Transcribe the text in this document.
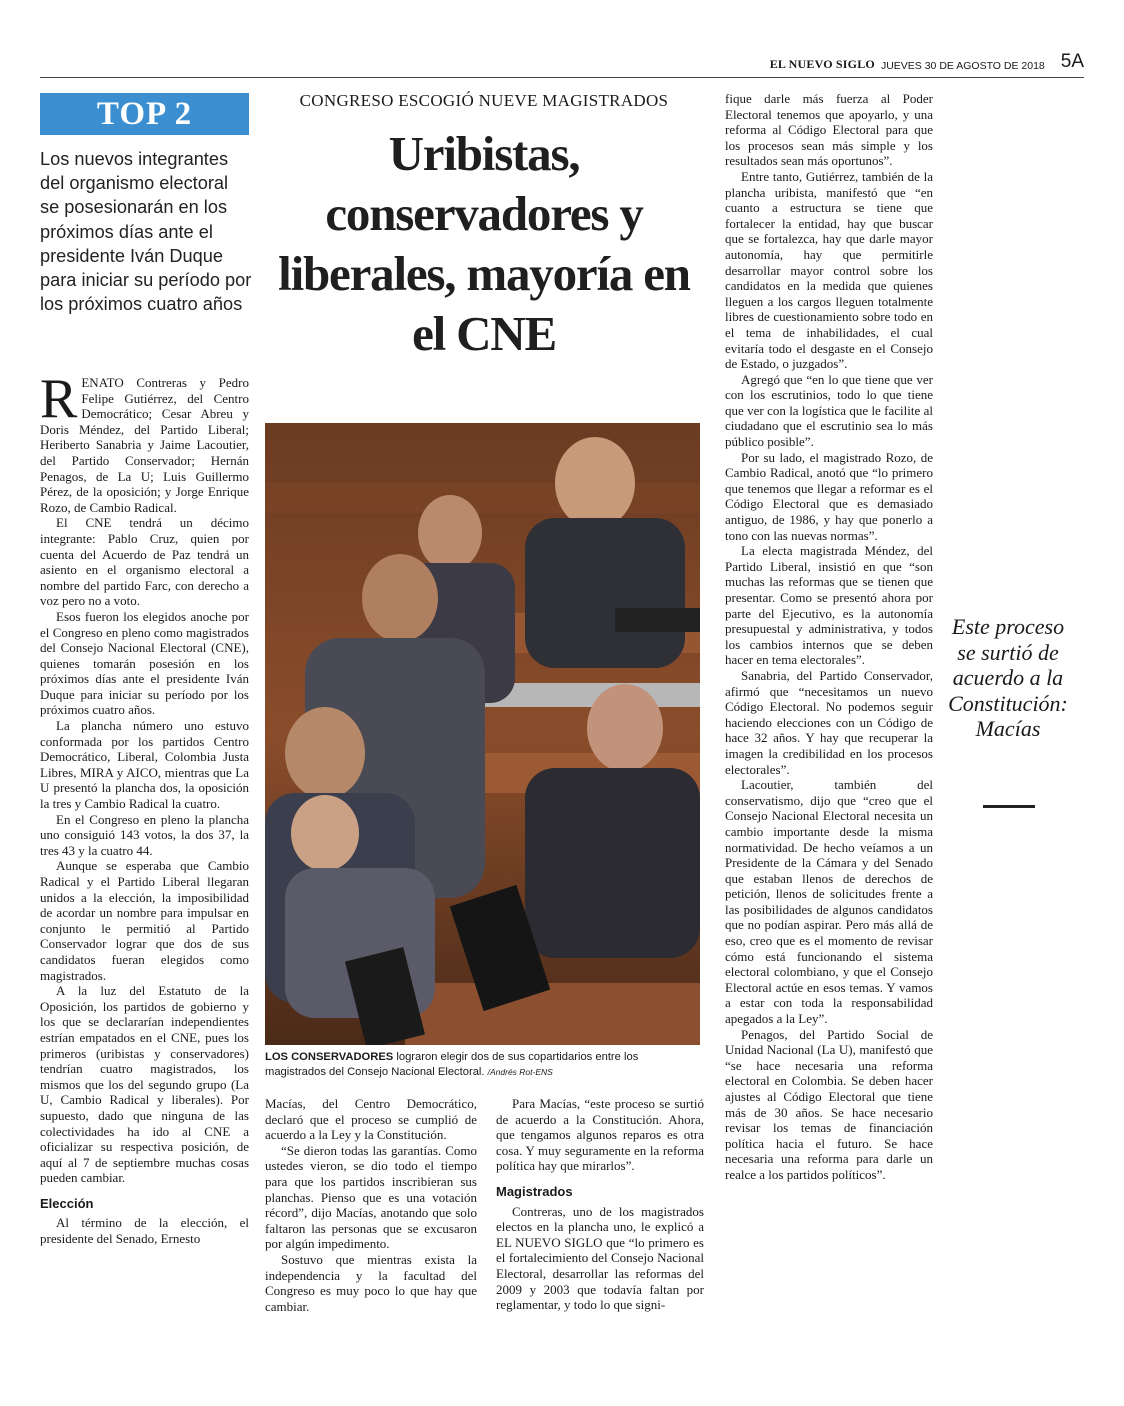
EL NUEVO SIGLO JUEVES 30 DE AGOSTO DE 2018 5A
TOP 2
Los nuevos integrantes del organismo electoral se posesionarán en los próximos días ante el presidente Iván Duque para iniciar su período por los próximos cuatro años

RENATO Contreras y Pedro Felipe Gutiérrez, del Centro Democrático; Cesar Abreu y Doris Méndez, del Partido Liberal; Heriberto Sanabria y Jaime Lacoutier, del Partido Conservador; Hernán Penagos, de La U; Luis Guillermo Pérez, de la oposición; y Jorge Enrique Rozo, de Cambio Radical.

El CNE tendrá un décimo integrante: Pablo Cruz, quien por cuenta del Acuerdo de Paz tendrá un asiento en el organismo electoral a nombre del partido Farc, con derecho a voz pero no a voto.

Esos fueron los elegidos anoche por el Congreso en pleno como magistrados del Consejo Nacional Electoral (CNE), quienes tomarán posesión en los próximos días ante el presidente Iván Duque para iniciar su período por los próximos cuatro años.

La plancha número uno estuvo conformada por los partidos Centro Democrático, Liberal, Colombia Justa Libres, MIRA y AICO, mientras que La U presentó la plancha dos, la oposición la tres y Cambio Radical la cuatro.

En el Congreso en pleno la plancha uno consiguió 143 votos, la dos 37, la tres 43 y la cuatro 44.

Aunque se esperaba que Cambio Radical y el Partido Liberal llegaran unidos a la elección, la imposibilidad de acordar un nombre para impulsar en conjunto le permitió al Partido Conservador lograr que dos de sus candidatos fueran elegidos como magistrados.

A la luz del Estatuto de la Oposición, los partidos de gobierno y los que se declararían independientes estrían empatados en el CNE, pues los primeros (uribistas y conservadores) tendrían cuatro magistrados, los mismos que los del segundo grupo (La U, Cambio Radical y liberales). Por supuesto, dado que ninguna de las colectividades ha ido al CNE a oficializar su respectiva posición, de aquí al 7 de septiembre muchas cosas pueden cambiar.

Elección

Al término de la elección, el presidente del Senado, Ernesto

CONGRESO ESCOGIÓ NUEVE MAGISTRADOS
Uribistas, conservadores y liberales, mayoría en el CNE
LOS CONSERVADORES lograron elegir dos de sus copartidarios entre los magistrados del Consejo Nacional Electoral. /Andrés Rot-ENS

Macías, del Centro Democrático, declaró que el proceso se cumplió de acuerdo a la Ley y la Constitución.

“Se dieron todas las garantías. Como ustedes vieron, se dio todo el tiempo para que los partidos inscribieran sus planchas. Pienso que es una votación récord”, dijo Macías, anotando que solo faltaron las personas que se excusaron por algún impedimento.

Sostuvo que mientras exista la independencia y la facultad del Congreso es muy poco lo que hay que cambiar.

Para Macías, “este proceso se surtió de acuerdo a la Constitución. Ahora, que tengamos algunos reparos es otra cosa. Y muy seguramente en la reforma política hay que mirarlos”.

Magistrados

Contreras, uno de los magistrados electos en la plancha uno, le explicó a EL NUEVO SIGLO que “lo primero es el fortalecimiento del Consejo Nacional Electoral, desarrollar las reformas del 2009 y 2003 que todavía faltan por reglamentar, y todo lo que signi-

fique darle más fuerza al Poder Electoral tenemos que apoyarlo, y una reforma al Código Electoral para que los procesos sean más simple y los resultados sean más oportunos”.

Entre tanto, Gutiérrez, también de la plancha uribista, manifestó que “en cuanto a estructura se tiene que fortalecer la entidad, hay que buscar que se fortalezca, hay que darle mayor autonomía, hay que permitirle desarrollar mayor control sobre los candidatos en la medida que quienes lleguen a los cargos lleguen totalmente libres de cuestionamiento sobre todo en el tema de inhabilidades, el cual evitaría todo el desgaste en el Consejo de Estado, o juzgados”.

Agregó que “en lo que tiene que ver con los escrutinios, todo lo que tiene que ver con la logística que le facilite al ciudadano que el escrutinio sea lo más público posible”.

Por su lado, el magistrado Rozo, de Cambio Radical, anotó que “lo primero que tenemos que llegar a reformar es el Código Electoral que es demasiado antiguo, de 1986, y hay que ponerlo a tono con las nuevas normas”.

La electa magistrada Méndez, del Partido Liberal, insistió en que “son muchas las reformas que se tienen que presentar. Como se presentó ahora por parte del Ejecutivo, es la autonomía presupuestal y administrativa, y todos los cambios internos que se deben hacer en tema electorales”.

Sanabria, del Partido Conservador, afirmó que “necesitamos un nuevo Código Electoral. No podemos seguir haciendo elecciones con un Código de hace 32 años. Y hay que recuperar la imagen la credibilidad en los procesos electorales”.

Lacoutier, también del conservatismo, dijo que “creo que el Consejo Nacional Electoral necesita un cambio importante desde la misma normatividad. De hecho veíamos a un Presidente de la Cámara y del Senado que estaban llenos de derechos de petición, llenos de solicitudes frente a las posibilidades de algunos candidatos que no podían aspirar. Pero más allá de eso, creo que es el momento de revisar cómo está funcionando el sistema electoral colombiano, y que el Consejo Electoral actúe en esos temas. Y vamos a estar con toda la responsabilidad apegados a la Ley”.

Penagos, del Partido Social de Unidad Nacional (La U), manifestó que “se hace necesaria una reforma electoral en Colombia. Se deben hacer ajustes al Código Electoral que tiene más de 30 años. Se hace necesario revisar los temas de financiación política hacia el futuro. Se hace necesaria una reforma para darle un realce a los partidos políticos”.

Este proceso se surtió de acuerdo a la Constitución: Macías
